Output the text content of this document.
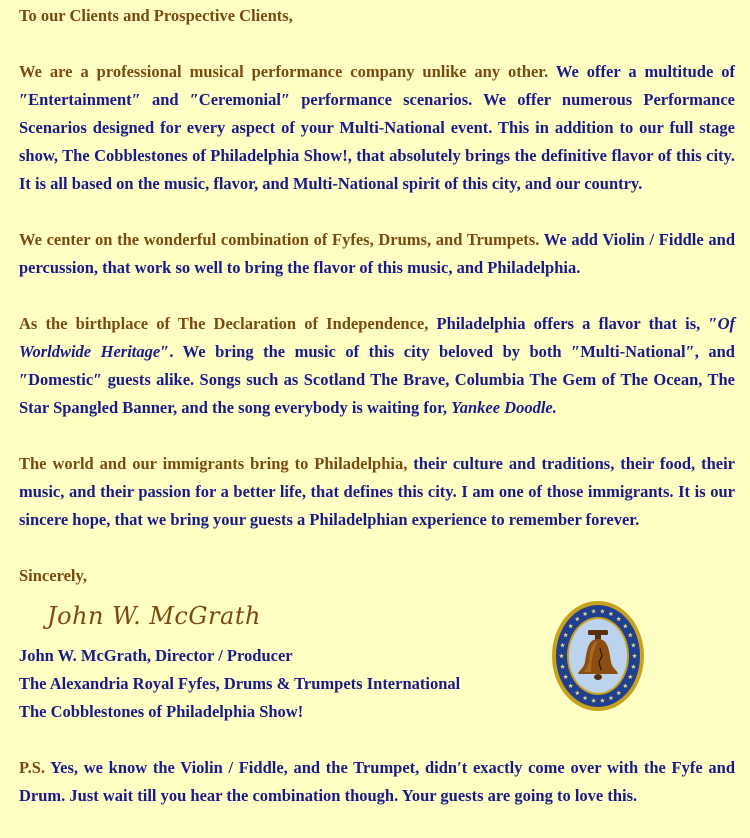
To our Clients and Prospective Clients,

We are a professional musical performance company unlike any other. We offer a multitude of ″Entertainment″ and ″Ceremonial″ performance scenarios. We offer numerous Performance Scenarios designed for every aspect of your Multi-National event. This in addition to our full stage show, The Cobblestones of Philadelphia Show!, that absolutely brings the definitive flavor of this city. It is all based on the music, flavor, and Multi-National spirit of this city, and our country.

We center on the wonderful combination of Fyfes, Drums, and Trumpets. We add Violin / Fiddle and percussion, that work so well to bring the flavor of this music, and Philadelphia.

As the birthplace of The Declaration of Independence, Philadelphia offers a flavor that is, ″Of Worldwide Heritage″. We bring the music of this city beloved by both ″Multi-National″, and ″Domestic″ guests alike. Songs such as Scotland The Brave, Columbia The Gem of The Ocean, The Star Spangled Banner, and the song everybody is waiting for, Yankee Doodle.

The world and our immigrants bring to Philadelphia, their culture and traditions, their food, their music, and their passion for a better life, that defines this city. I am one of those immigrants. It is our sincere hope, that we bring your guests a Philadelphian experience to remember forever.

Sincerely,

John W. McGrath
John W. McGrath, Director / Producer
The Alexandria Royal Fyfes, Drums & Trumpets International
The Cobblestones of Philadelphia Show!

P.S. Yes, we know the Violin / Fiddle, and the Trumpet, didn′t exactly come over with the Fyfe and Drum. Just wait till you hear the combination though. Your guests are going to love this.
